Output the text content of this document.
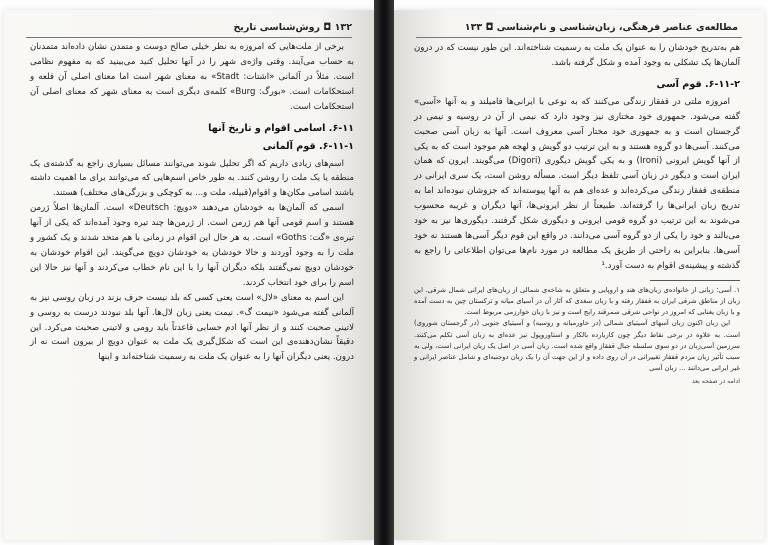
۱۳۲ ◘ روش‌شناسی تاریخ

برخی از ملت‌هایی که امروزه به نظر خیلی صالح دوست و متمدن نشان داده‌اند متمدنان به حساب می‌آیند. وقتی واژه‌ی شهر را در آنها تحلیل کنید می‌بینید که به مفهوم نظامی است. مثلاً در آلمانی «اشتات: Stadt» به معنای شهر است اما معنای اصلی آن قلعه و استحکامات است. «بورگ: Burg» کلمه‌ی دیگری است به معنای شهر که معنای اصلی آن استحکامات است.

۶-۱۱. اسامی اقوام و تاریخ آنها
۶-۱۱-۱. قوم آلمانی

اسم‌های زیادی داریم که اگر تحلیل شوند می‌توانند مسائل بسیاری راجع به گذشته‌ی یک منطقه یا یک ملت را روشن کنند. به طور خاص اسم‌هایی که می‌توانند برای ما اهمیت داشته باشند اسامی مکان‌ها و اقوام(قبیله، ملت و... به کوچکی و بزرگی‌های مختلف) هستند.

اسمی که آلمان‌ها به خودشان می‌دهند «دویچ: Deutsch» است. آلمان‌ها اصلاً ژرمن هستند و اسم قومی آنها هم ژرمن است. از ژرمن‌ها چند تیره وجود آمده‌اند که یکی از آنها تیره‌ی «گت: Goths» است. به هر حال این اقوام در زمانی با هم متحد شدند و یک کشور و ملت را به وجود آوردند و حالا خودشان به خودشان دویچ می‌گویند. این اقوام خودشان به خودشان دویچ نمی‌گفتند بلکه دیگران آنها را با این نام خطاب می‌کردند و آنها نیز حالا این اسم را برای خود انتخاب کردند.

این اسم به معنای «لال» است یعنی کسی که بلد نیست حرف بزند در زبان روسی نیز به آلمانی گفته می‌شود «نیمت گ». نیمت یعنی زبان لال‌ها. آنها بلد نبودند درست به روسی و لاتینی صحبت کنند و از نظر آنها ادم حسابی قاعدتاً باید رومی و لاتینی صحبت می‌کرد. این دقیقاً نشان‌دهنده‌ی این است که شکل‌گیری یک ملت به عنوان دویچ از بیرون است نه از درون. یعنی دیگران آنها را به عنوان یک ملت به رسمیت شناخته‌اند و اینها

مطالعه‌ی عناصر فرهنگی، زبان‌شناسی و نام‌شناسی ◘ ۱۳۳

هم به‌تدریج خودشان را به عنوان یک ملت به رسمیت شناخته‌اند. این طور نیست که در درون آلمان‌ها یک تشکلی به وجود آمده و شکل گرفته باشد.

۶-۱۱-۲. قوم آسی

امروزه ملتی در قفقاز زندگی می‌کنند که به نوعی با ایرانی‌ها فامیلند و به آنها «آسی» گفته می‌شود. جمهوری خود مختاری نیز وجود دارد که نیمی از آن در روسیه و نیمی در گرجستان است و به جمهوری خود مختار آسی معروف است. آنها به زبان آسی صحبت می‌کنند. آسی‌ها دو گروه هستند و به این ترتیب دو گویش و لهجه هم موجود است که به یکی از آنها گویش ایرونی (Ironi) و به یکی گویش دیگوری (Digori) می‌گویند. ایرون که همان ایران است و دیگور در زبان آسی تلفظ دیگر است. مسأله روشن است، یک سری ایرانی در منطقه‌ی قفقاز زندگی می‌کرده‌اند و عده‌ای هم به آنها پیوسته‌اند که جزوشان نبوده‌اند اما به تدریج زبان ایرانی‌ها را گرفته‌اند. طبیعتاً از نظر ایرونی‌ها، آنها دیگران و غریبه محسوب می‌شوند به این ترتیب دو گروه قومی ایرونی و دیگوری شکل گرفتند. دیگوری‌ها نیز به خود می‌بالند و خود را یکی از دو گروه آسی می‌دانند. در واقع این قوم دیگر آسی‌ها هستند نه خود آسی‌ها. بنابراین به راحتی از طریق یک مطالعه در مورد نام‌ها می‌توان اطلاعاتی را راجع به گذشته و پیشینه‌ی اقوام به دست آورد.¹

۱. آسی: زبانی از خانواده‌ی زبان‌های هند و اروپایی و متعلق به شاخه‌ی شمالی از زبان‌های ایرانی شمال شرقی. این زبان از مناطق شرقی ایران به قفقاز رفته و با زبان سغدی که آثار آن در آسیای میانه و ترکستان چین به دست آمده و با زبان یغنابی که امروز در نواحی شرقی سمرقند رایج است و نیز با زبان خوارزمی مربوط است.

این زبان اکنون زبان آسهای آسیتیای شمالی (در خاورمیانه و روسیه) و آسیتیای جنوبی (در گرجستان شوروی) است. به علاوه در برخی نقاط دیگر چون کاربارده بالکار و استاوروپول نیز عده‌ای به زبان آسی تکلم می‌کنند. سرزمین آسی‌زبان در دو سوی سلسله جبال قفقاز واقع شده است. زبان آسی در اصل یک زبان ایرانی است، ولی به سبب تأثیر زبان مردم قفقاز تغییراتی در آن روی داده و از این جهت آن را یک زبان دوجنبه‌ای و شامل عناصر ایرانی و غیر ایرانی می‌دانند ... زبان آسی

ادامه در صفحه بعد
